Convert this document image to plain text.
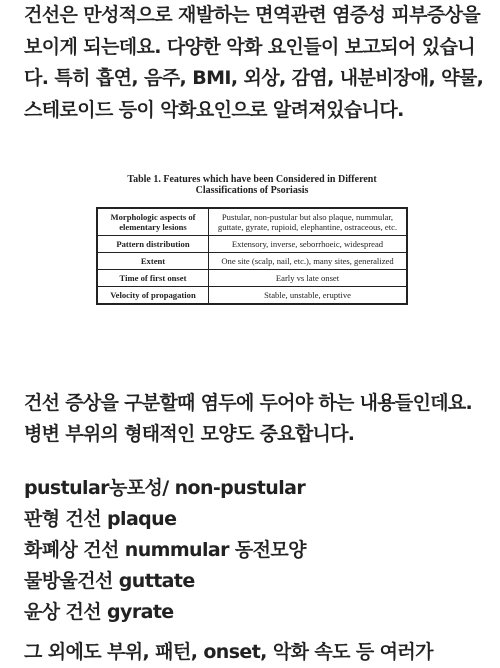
건선은 만성적으로 재발하는 면역관련 염증성 피부증상을 보이게 되는데요. 다양한 악화 요인들이 보고되어 있습니다. 특히 흡연, 음주, BMI, 외상, 감염, 내분비장애, 약물, 스테로이드 등이 악화요인으로 알려져있습니다.

Table 1. Features which have been Considered in Different
Classifications of Psoriasis
Morphologic aspects of elementary lesions	Pustular, non-pustular but also plaque, nummular, guttate, gyrate, rupioid, elephantine, ostraceous, etc.
Pattern distribution	Extensory, inverse, seborrhoeic, widespread
Extent	One site (scalp, nail, etc.), many sites, generalized
Time of first onset	Early vs late onset
Velocity of propagation	Stable, unstable, eruptive

건선 증상을 구분할때 염두에 두어야 하는 내용들인데요. 병변 부위의 형태적인 모양도 중요합니다.

pustular농포성/ non-pustular
판형 건선 plaque
화폐상 건선 nummular 동전모양
물방울건선 guttate
윤상 건선 gyrate

그 외에도 부위, 패턴, onset, 악화 속도 등 여러가
